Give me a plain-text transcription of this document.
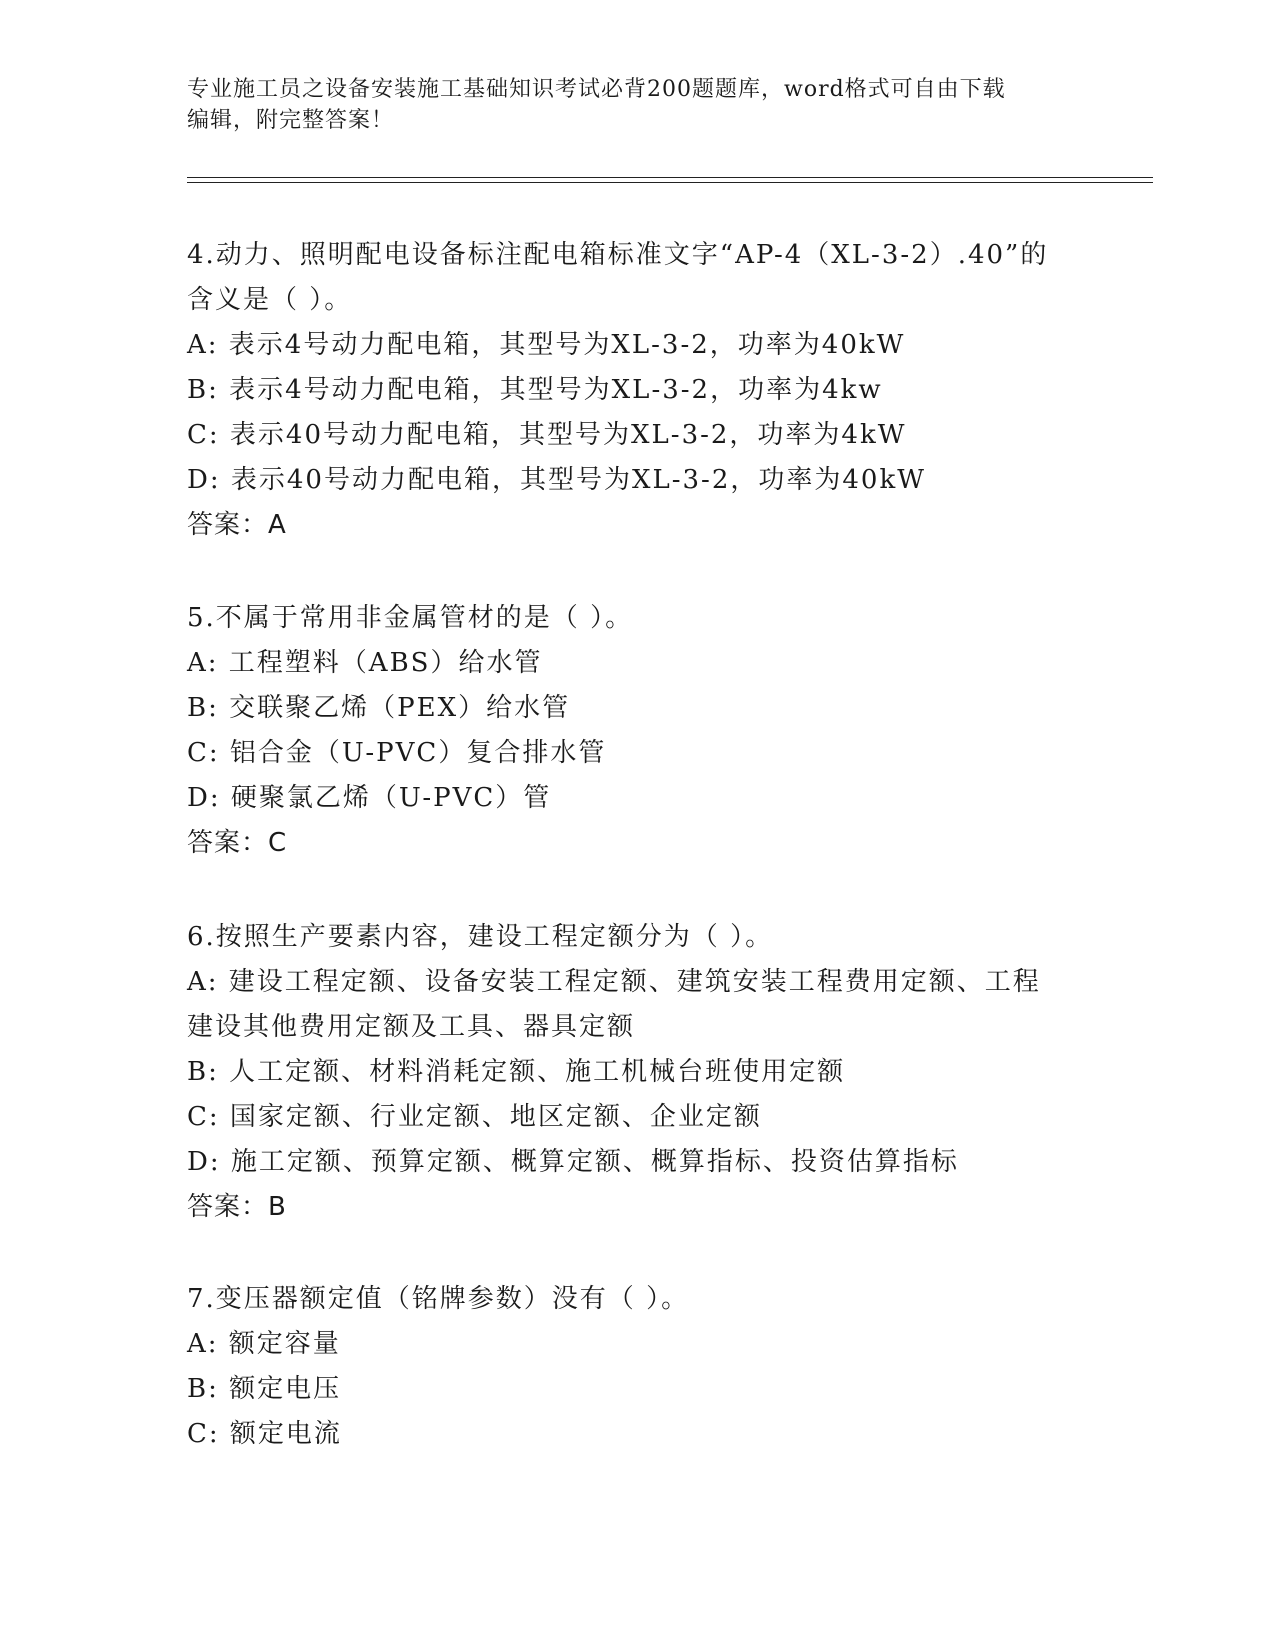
专业施工员之设备安装施工基础知识考试必背200题题库，word格式可自由下载
编辑，附完整答案！
4.动力、照明配电设备标注配电箱标准文字“AP-4（XL-3-2）.40”的
含义是（ ）。
A: 表示4号动力配电箱，其型号为XL-3-2，功率为40kW
B: 表示4号动力配电箱，其型号为XL-3-2，功率为4kw
C: 表示40号动力配电箱，其型号为XL-3-2，功率为4kW
D: 表示40号动力配电箱，其型号为XL-3-2，功率为40kW
答案：A
5.不属于常用非金属管材的是（ ）。
A: 工程塑料（ABS）给水管
B: 交联聚乙烯（PEX）给水管
C: 铝合金（U-PVC）复合排水管
D: 硬聚氯乙烯（U-PVC）管
答案：C
6.按照生产要素内容，建设工程定额分为（ ）。
A: 建设工程定额、设备安装工程定额、建筑安装工程费用定额、工程
建设其他费用定额及工具、器具定额
B: 人工定额、材料消耗定额、施工机械台班使用定额
C: 国家定额、行业定额、地区定额、企业定额
D: 施工定额、预算定额、概算定额、概算指标、投资估算指标
答案：B
7.变压器额定值（铭牌参数）没有（ ）。
A: 额定容量
B: 额定电压
C: 额定电流
